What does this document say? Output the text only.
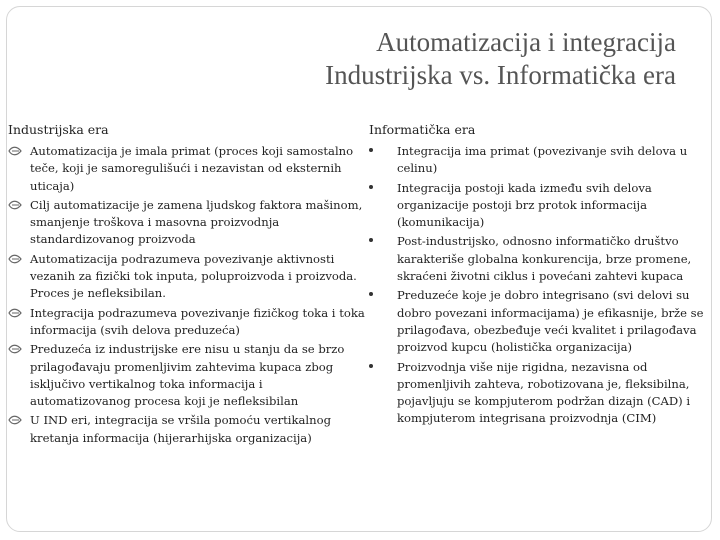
Automatizacija i integracija
Industrijska vs. Informatička era
Industrijska era
Automatizacija je imala primat (proces koji samostalno teče, koji je samoregulišući i nezavistan od eksternih uticaja)
Cilj automatizacije je zamena ljudskog faktora mašinom, smanjenje troškova i masovna proizvodnja standardizovanog proizvoda
Automatizacija podrazumeva povezivanje aktivnosti vezanih za fizički tok inputa, poluproizvoda i proizvoda. Proces je nefleksibilan.
Integracija podrazumeva povezivanje fizičkog toka i toka informacija (svih delova preduzeća)
Preduzeća iz industrijske ere nisu u stanju da se brzo prilagođavaju promenljivim zahtevima kupaca zbog isključivo vertikalnog toka informacija i automatizovanog procesa koji je nefleksibilan
U IND eri, integracija se vršila pomoću vertikalnog kretanja informacija (hijerarhijska organizacija)
Informatička era
Integracija ima primat (povezivanje svih delova u celinu)
Integracija postoji kada između svih delova organizacije postoji brz protok informacija (komunikacija)
Post-industrijsko, odnosno informatičko društvo karakteriše globalna konkurencija, brze promene, skraćeni životni ciklus i povećani zahtevi kupaca
Preduzeće koje je dobro integrisano (svi delovi su dobro povezani informacijama) je efikasnije, brže se prilagođava, obezbeđuje veći kvalitet i prilagođava proizvod kupcu (holistička organizacija)
Proizvodnja više nije rigidna, nezavisna od promenljivih zahteva, robotizovana je, fleksibilna, pojavljuju se kompjuterom podržan dizajn (CAD) i kompjuterom integrisana proizvodnja (CIM)
